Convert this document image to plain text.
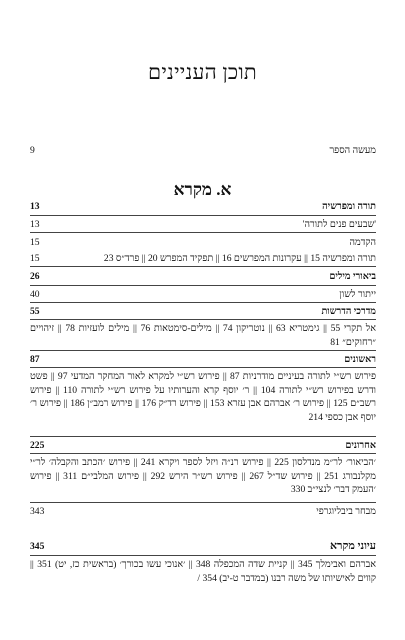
תוכן העניינים
מעשה הספר
9
א. מקרא
תורה ומפרשיה
13
'שבעים פנים לתורה'
13
הקדמה
15
תורה ומפרשיה 15 || עקרונות המפרשים 16 || תפקיד המפרש 20 || פרד״ס 23
15
ביאורי מילים
26
ייתור לשון
40
מדרכי הדרשות
55
אל תקרי 55 || גימטריא 63 || נוטריקון 74 || מילים-סימטאות 76 || מילים לועזיות 78 || זיהויים ״רחוקים״ 81
ראשונים
87
פירוש רש״י לתורה בעיניים מודרניות 87 || פירוש רש״י למקרא לאור המחקר המדעי 97 || פשט ודרש בפירוש רש״י לתורה 104 || ר׳ יוסף קרא והערותיו על פירוש רש״י לתורה 110 || פירוש רשב״ם 125 || פירוש ר׳ אברהם אבן עזרא 153 || פירוש רד״ק 176 || פירוש רמב״ן 186 || פירוש ר׳ יוסף אבן כספי 214
אחרונים
225
׳הביאור׳ לר״מ מנדלסון 225 || פירוש רנ״ה ויזל לספר ויקרא 241 || פירוש ׳הכתב והקבלה׳ לר״י מקלנבורג 251 || פירוש שד״ל 267 || פירוש רש״ר הירש 292 || פירוש המלבי״ם 311 || פירוש ׳העמק דבר׳ לנצי״ב 330
מבחר ביבליוגרפי
343
עיוני מקרא
345
אברהם ואבימלך 345 || קניית שדה המכפלה 348 || ׳אנוכי עשו בכורך׳ (בראשית כז, יט) 351 || קווים לאישיותו של משה רבנו (במדבר ט-יב) 354 /
